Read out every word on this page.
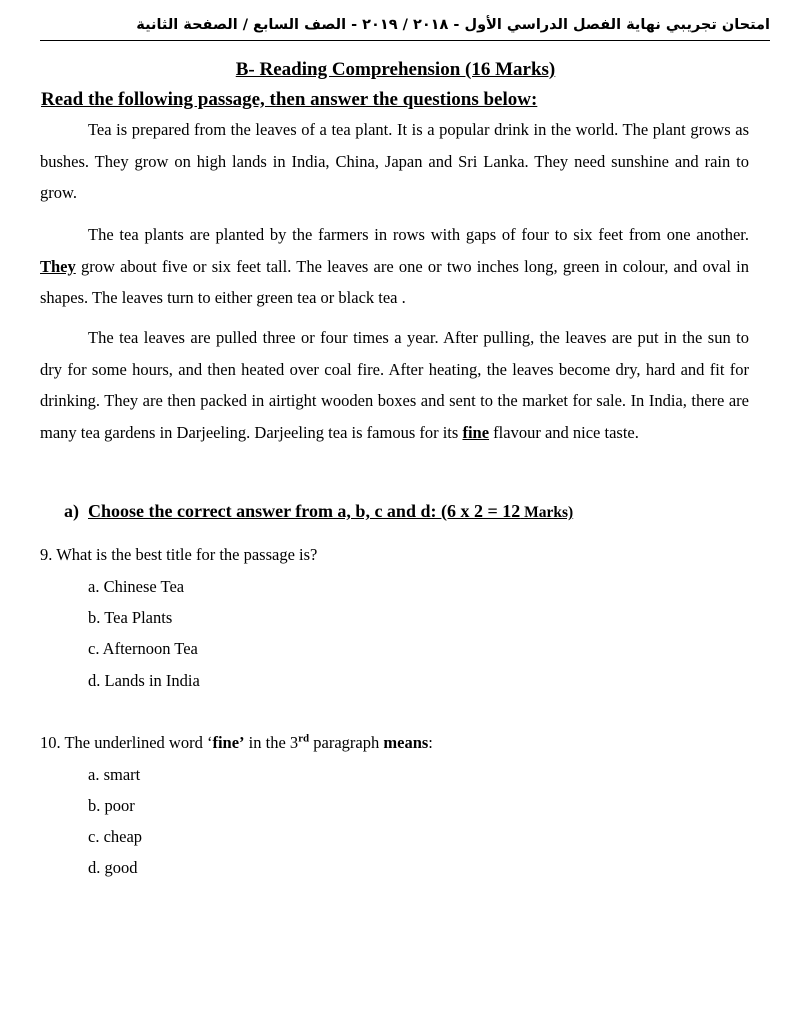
امتحان تجريبي نهاية الفصل الدراسي الأول - ٢٠١٨ / ٢٠١٩ - الصف السابع / الصفحة الثانية
B- Reading Comprehension (16 Marks)
Read the following passage, then answer the questions below:

Tea is prepared from the leaves of a tea plant. It is a popular drink in the world. The plant grows as bushes. They grow on high lands in India, China, Japan and Sri Lanka. They need sunshine and rain to grow.

The tea plants are planted by the farmers in rows with gaps of four to six feet from one another. They grow about five or six feet tall. The leaves are one or two inches long, green in colour, and oval in shapes. The leaves turn to either green tea or black tea .

The tea leaves are pulled three or four times a year. After pulling, the leaves are put in the sun to dry for some hours, and then heated over coal fire. After heating, the leaves become dry, hard and fit for drinking. They are then packed in airtight wooden boxes and sent to the market for sale. In India, there are many tea gardens in Darjeeling. Darjeeling tea is famous for its fine flavour and nice taste.

a) Choose the correct answer from a, b, c and d: (6 x 2 = 12 Marks)
9. What is the best title for the passage is?
a. Chinese Tea
b. Tea Plants
c. Afternoon Tea
d. Lands in India
10. The underlined word ‘fine’ in the 3rd paragraph means:
a. smart
b. poor
c. cheap
d. good
